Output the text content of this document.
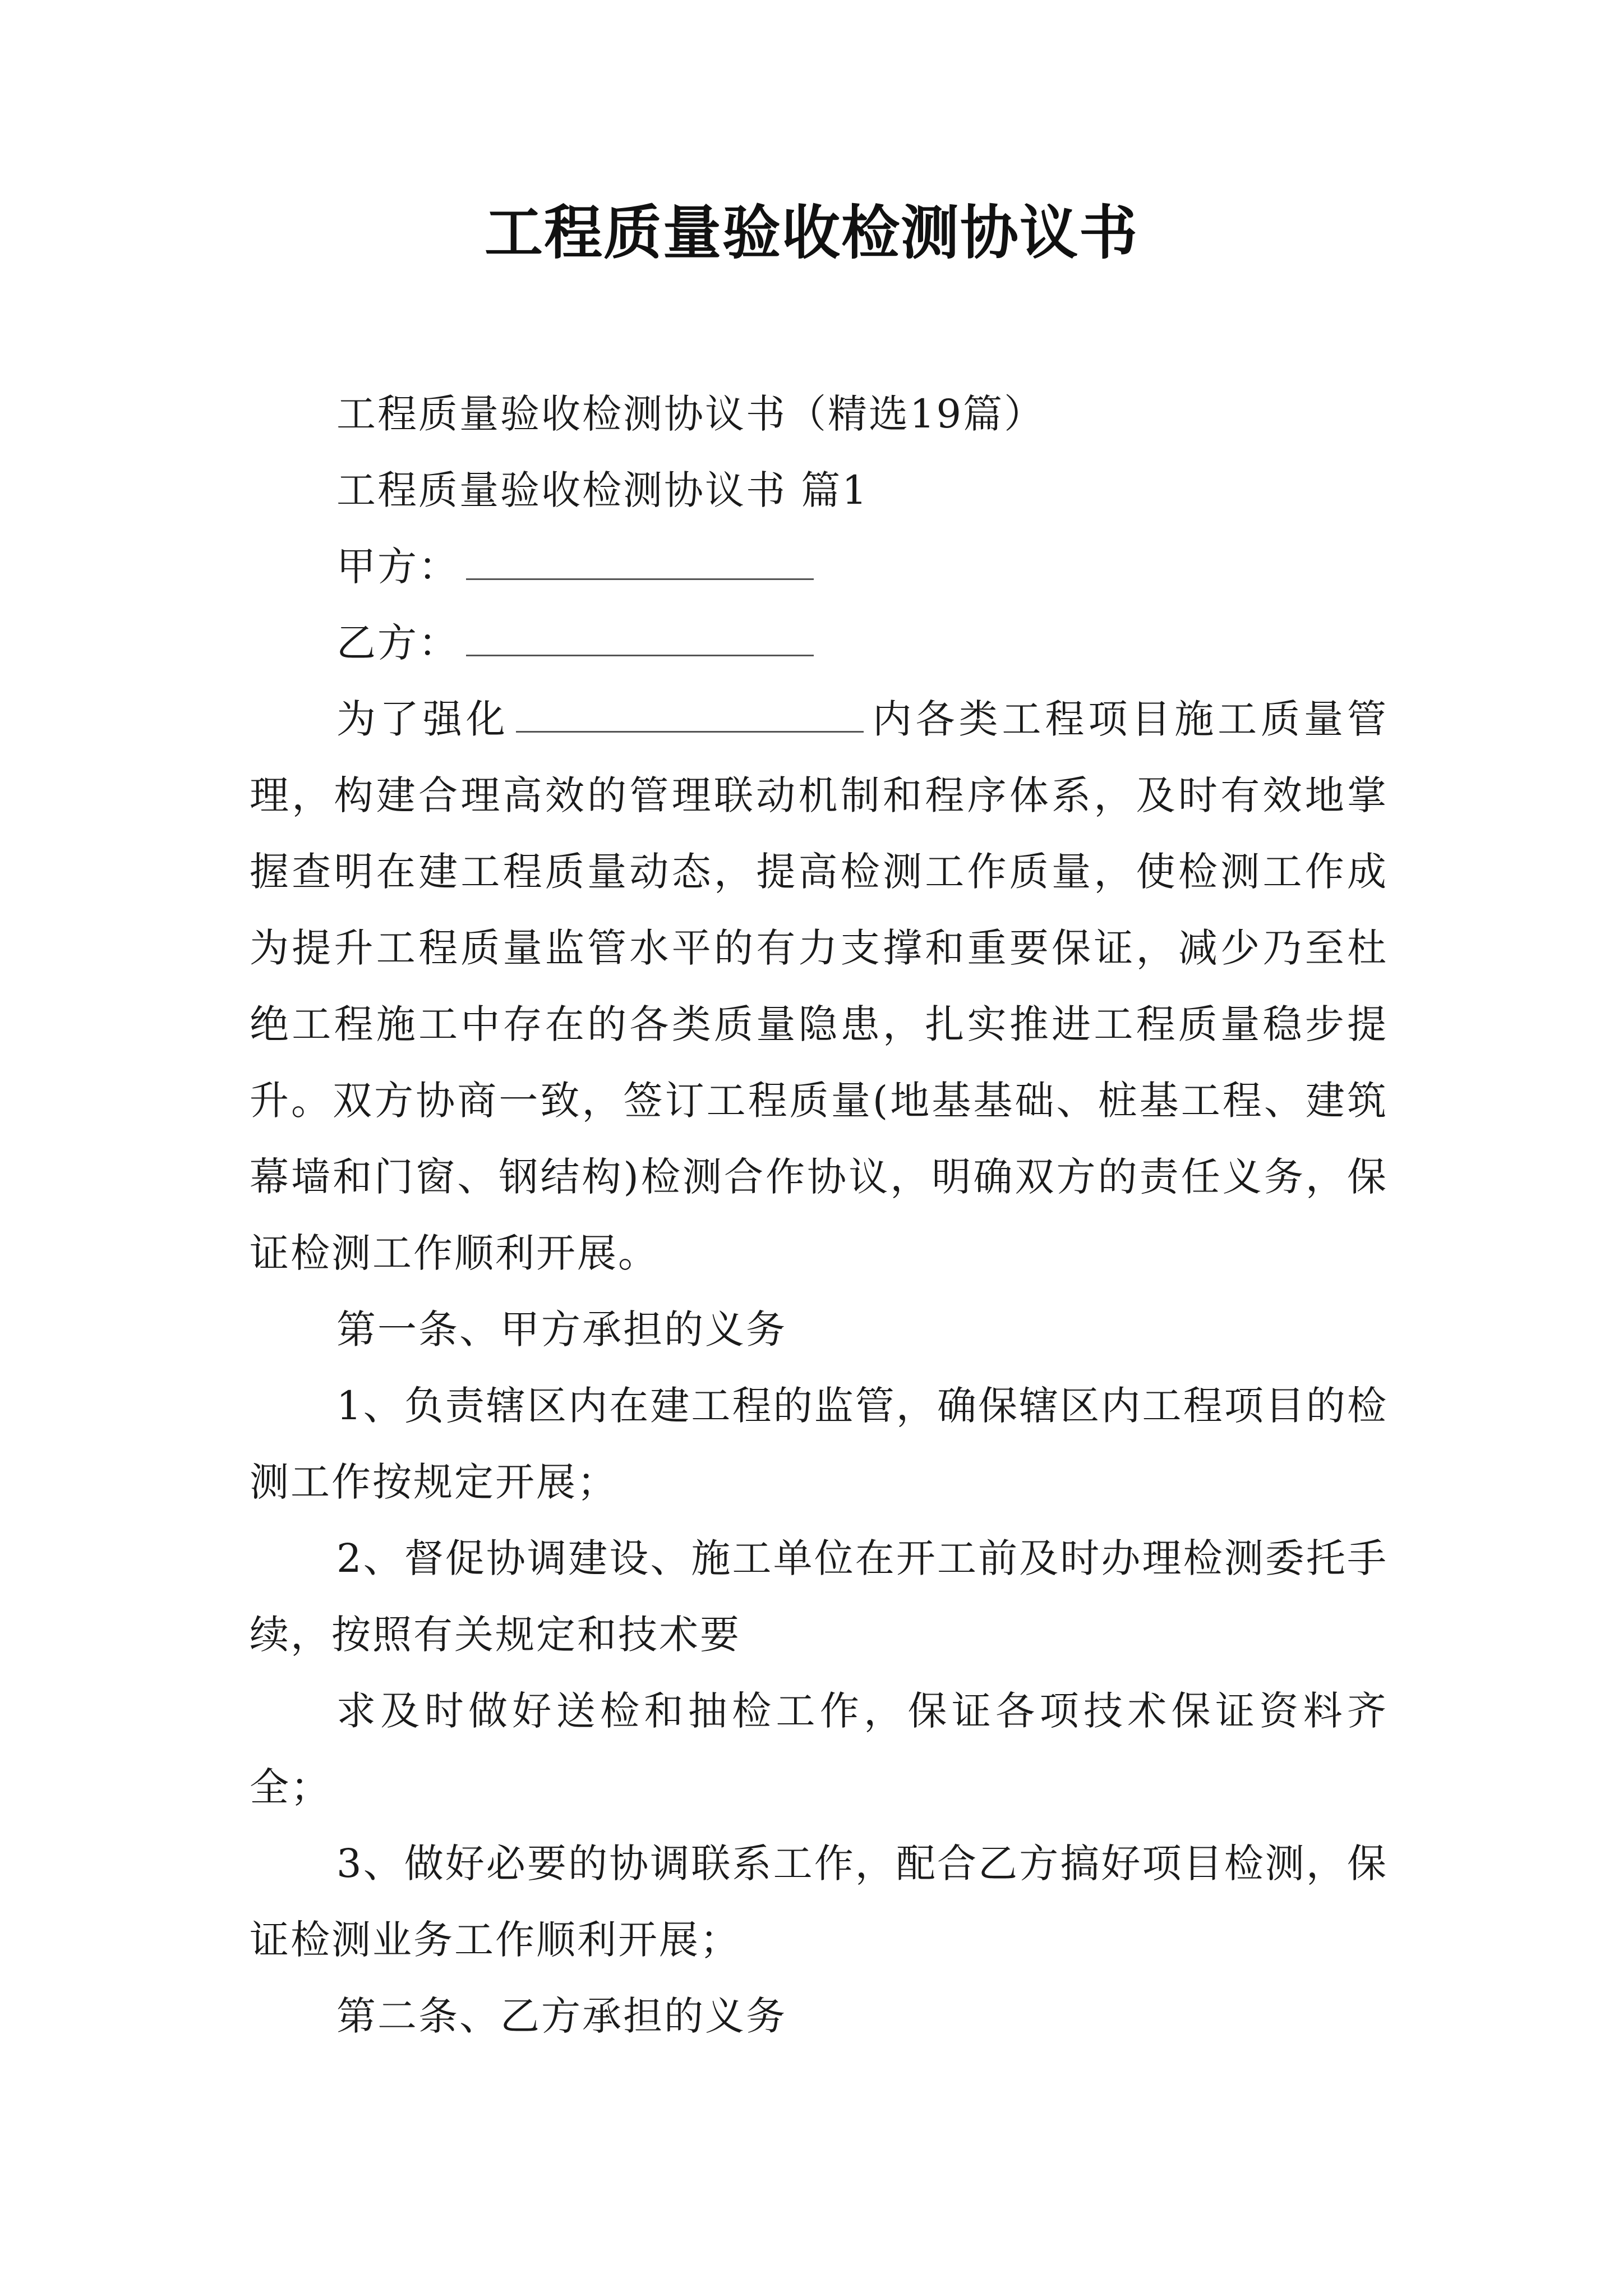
工程质量验收检测协议书

工程质量验收检测协议书（精选19篇）

工程质量验收检测协议书 篇1

甲方：

乙方：

为了强化	内各类工程项目施工质量管理，构建合理高效的管理联动机制和程序体系，及时有效地掌握查明在建工程质量动态，提高检测工作质量，使检测工作成为提升工程质量监管水平的有力支撑和重要保证，减少乃至杜绝工程施工中存在的各类质量隐患，扎实推进工程质量稳步提升。双方协商一致，签订工程质量(地基基础、桩基工程、建筑幕墙和门窗、钢结构)检测合作协议，明确双方的责任义务，保证检测工作顺利开展。

第一条、甲方承担的义务

1、负责辖区内在建工程的监管，确保辖区内工程项目的检测工作按规定开展；

2、督促协调建设、施工单位在开工前及时办理检测委托手续，按照有关规定和技术要

求及时做好送检和抽检工作，保证各项技术保证资料齐全；

3、做好必要的协调联系工作，配合乙方搞好项目检测，保证检测业务工作顺利开展；

第二条、乙方承担的义务
